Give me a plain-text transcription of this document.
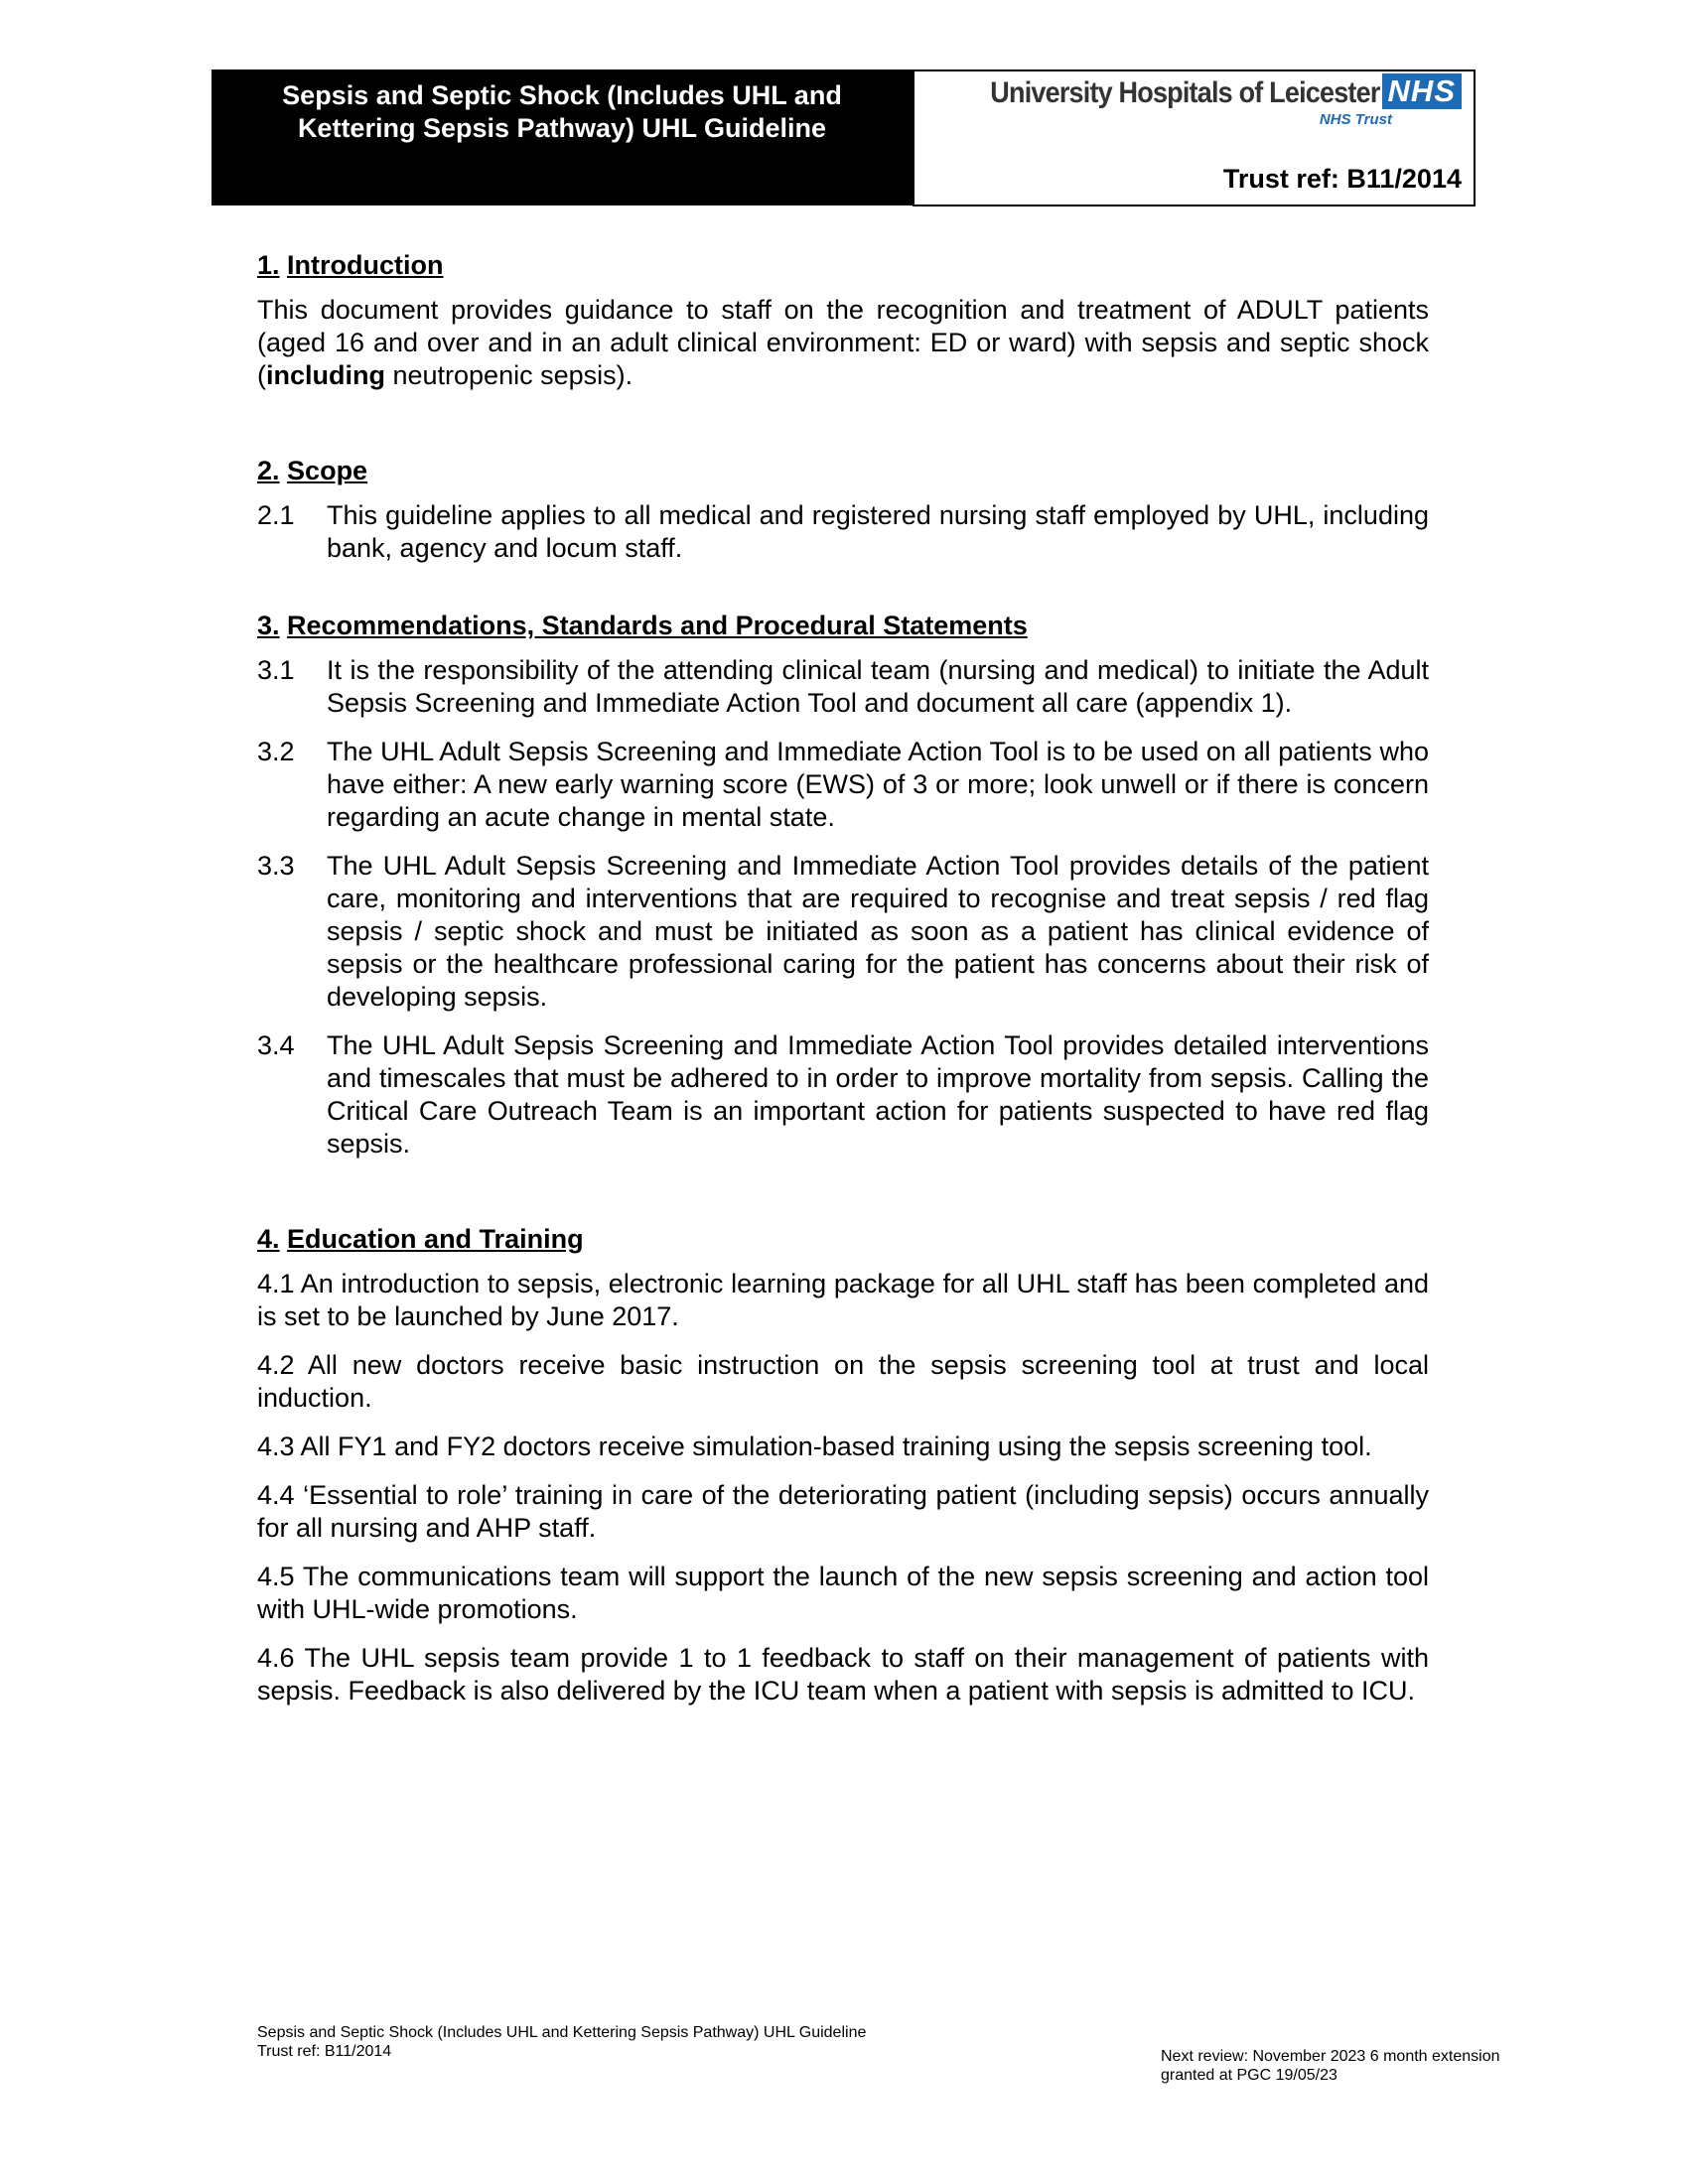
Sepsis and Septic Shock (Includes UHL and
Kettering Sepsis Pathway) UHL Guideline
University Hospitals of Leicester NHS
NHS Trust
Trust ref: B11/2014
1. Introduction

This document provides guidance to staff on the recognition and treatment of ADULT patients (aged 16 and over and in an adult clinical environment: ED or ward) with sepsis and septic shock (including neutropenic sepsis).

2. Scope
2.1	This guideline applies to all medical and registered nursing staff employed by UHL, including bank, agency and locum staff.
3. Recommendations, Standards and Procedural Statements
3.1	It is the responsibility of the attending clinical team (nursing and medical) to initiate the Adult Sepsis Screening and Immediate Action Tool and document all care (appendix 1).
3.2	The UHL Adult Sepsis Screening and Immediate Action Tool is to be used on all patients who have either: A new early warning score (EWS) of 3 or more; look unwell or if there is concern regarding an acute change in mental state.
3.3	The UHL Adult Sepsis Screening and Immediate Action Tool provides details of the patient care, monitoring and interventions that are required to recognise and treat sepsis / red flag sepsis / septic shock and must be initiated as soon as a patient has clinical evidence of sepsis or the healthcare professional caring for the patient has concerns about their risk of developing sepsis.
3.4	The UHL Adult Sepsis Screening and Immediate Action Tool provides detailed interventions and timescales that must be adhered to in order to improve mortality from sepsis. Calling the Critical Care Outreach Team is an important action for patients suspected to have red flag sepsis.
4. Education and Training
4.1 An introduction to sepsis, electronic learning package for all UHL staff has been completed and is set to be launched by June 2017.
4.2 All new doctors receive basic instruction on the sepsis screening tool at trust and local induction.
4.3 All FY1 and FY2 doctors receive simulation-based training using the sepsis screening tool.
4.4 ‘Essential to role’ training in care of the deteriorating patient (including sepsis) occurs annually for all nursing and AHP staff.
4.5 The communications team will support the launch of the new sepsis screening and action tool with UHL-wide promotions.
4.6 The UHL sepsis team provide 1 to 1 feedback to staff on their management of patients with sepsis. Feedback is also delivered by the ICU team when a patient with sepsis is admitted to ICU.
Sepsis and Septic Shock (Includes UHL and Kettering Sepsis Pathway) UHL Guideline
Trust ref: B11/2014	Next review: November 2023 6 month extension
granted at PGC 19/05/23
